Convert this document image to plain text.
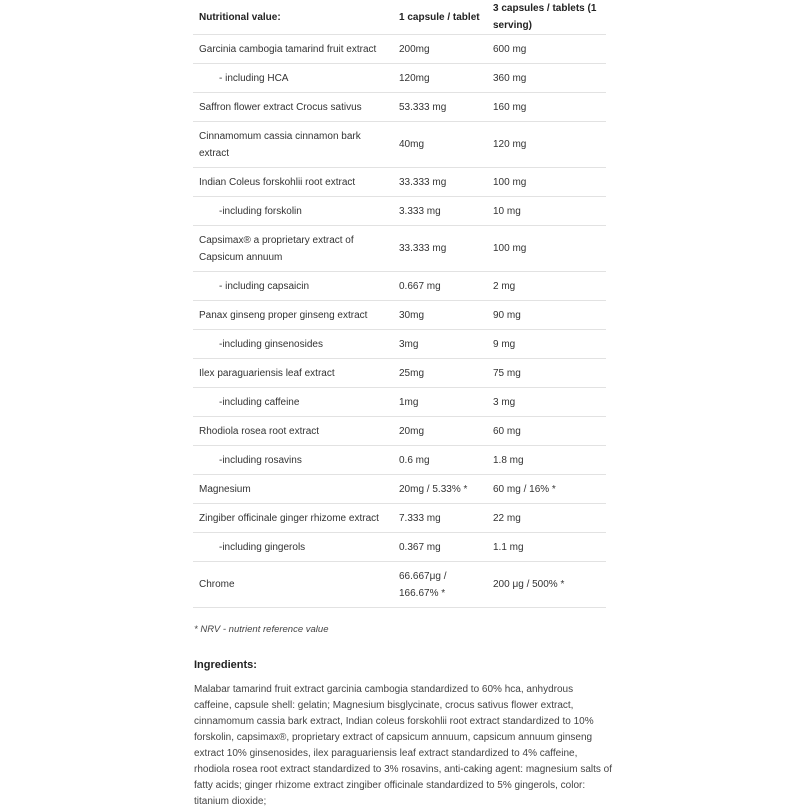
Nutritional value:	1 capsule / tablet	3 capsules / tablets (1 serving)
Garcinia cambogia tamarind fruit extract	200mg	600 mg
- including HCA	120mg	360 mg
Saffron flower extract Crocus sativus	53.333 mg	160 mg
Cinnamomum cassia cinnamon bark extract	40mg	120 mg
Indian Coleus forskohlii root extract	33.333 mg	100 mg
-including forskolin	3.333 mg	10 mg
Capsimax® a proprietary extract of Capsicum annuum	33.333 mg	100 mg
- including capsaicin	0.667 mg	2 mg
Panax ginseng proper ginseng extract	30mg	90 mg
-including ginsenosides	3mg	9 mg
Ilex paraguariensis leaf extract	25mg	75 mg
-including caffeine	1mg	3 mg
Rhodiola rosea root extract	20mg	60 mg
-including rosavins	0.6 mg	1.8 mg
Magnesium	20mg / 5.33% *	60 mg / 16% *
Zingiber officinale ginger rhizome extract	7.333 mg	22 mg
-including gingerols	0.367 mg	1.1 mg
Chrome	66.667μg / 166.67% *	200 μg / 500% *
* NRV - nutrient reference value
Ingredients:
Malabar tamarind fruit extract garcinia cambogia standardized to 60% hca, anhydrous caffeine, capsule shell: gelatin; Magnesium bisglycinate, crocus sativus flower extract, cinnamomum cassia bark extract, Indian coleus forskohlii root extract standardized to 10% forskolin, capsimax®, proprietary extract of capsicum annuum, capsicum annuum ginseng extract 10% ginsenosides, ilex paraguariensis leaf extract standardized to 4% caffeine, rhodiola rosea root extract standardized to 3% rosavins, anti-caking agent: magnesium salts of fatty acids; ginger rhizome extract zingiber officinale standardized to 5% gingerols, color: titanium dioxide;
